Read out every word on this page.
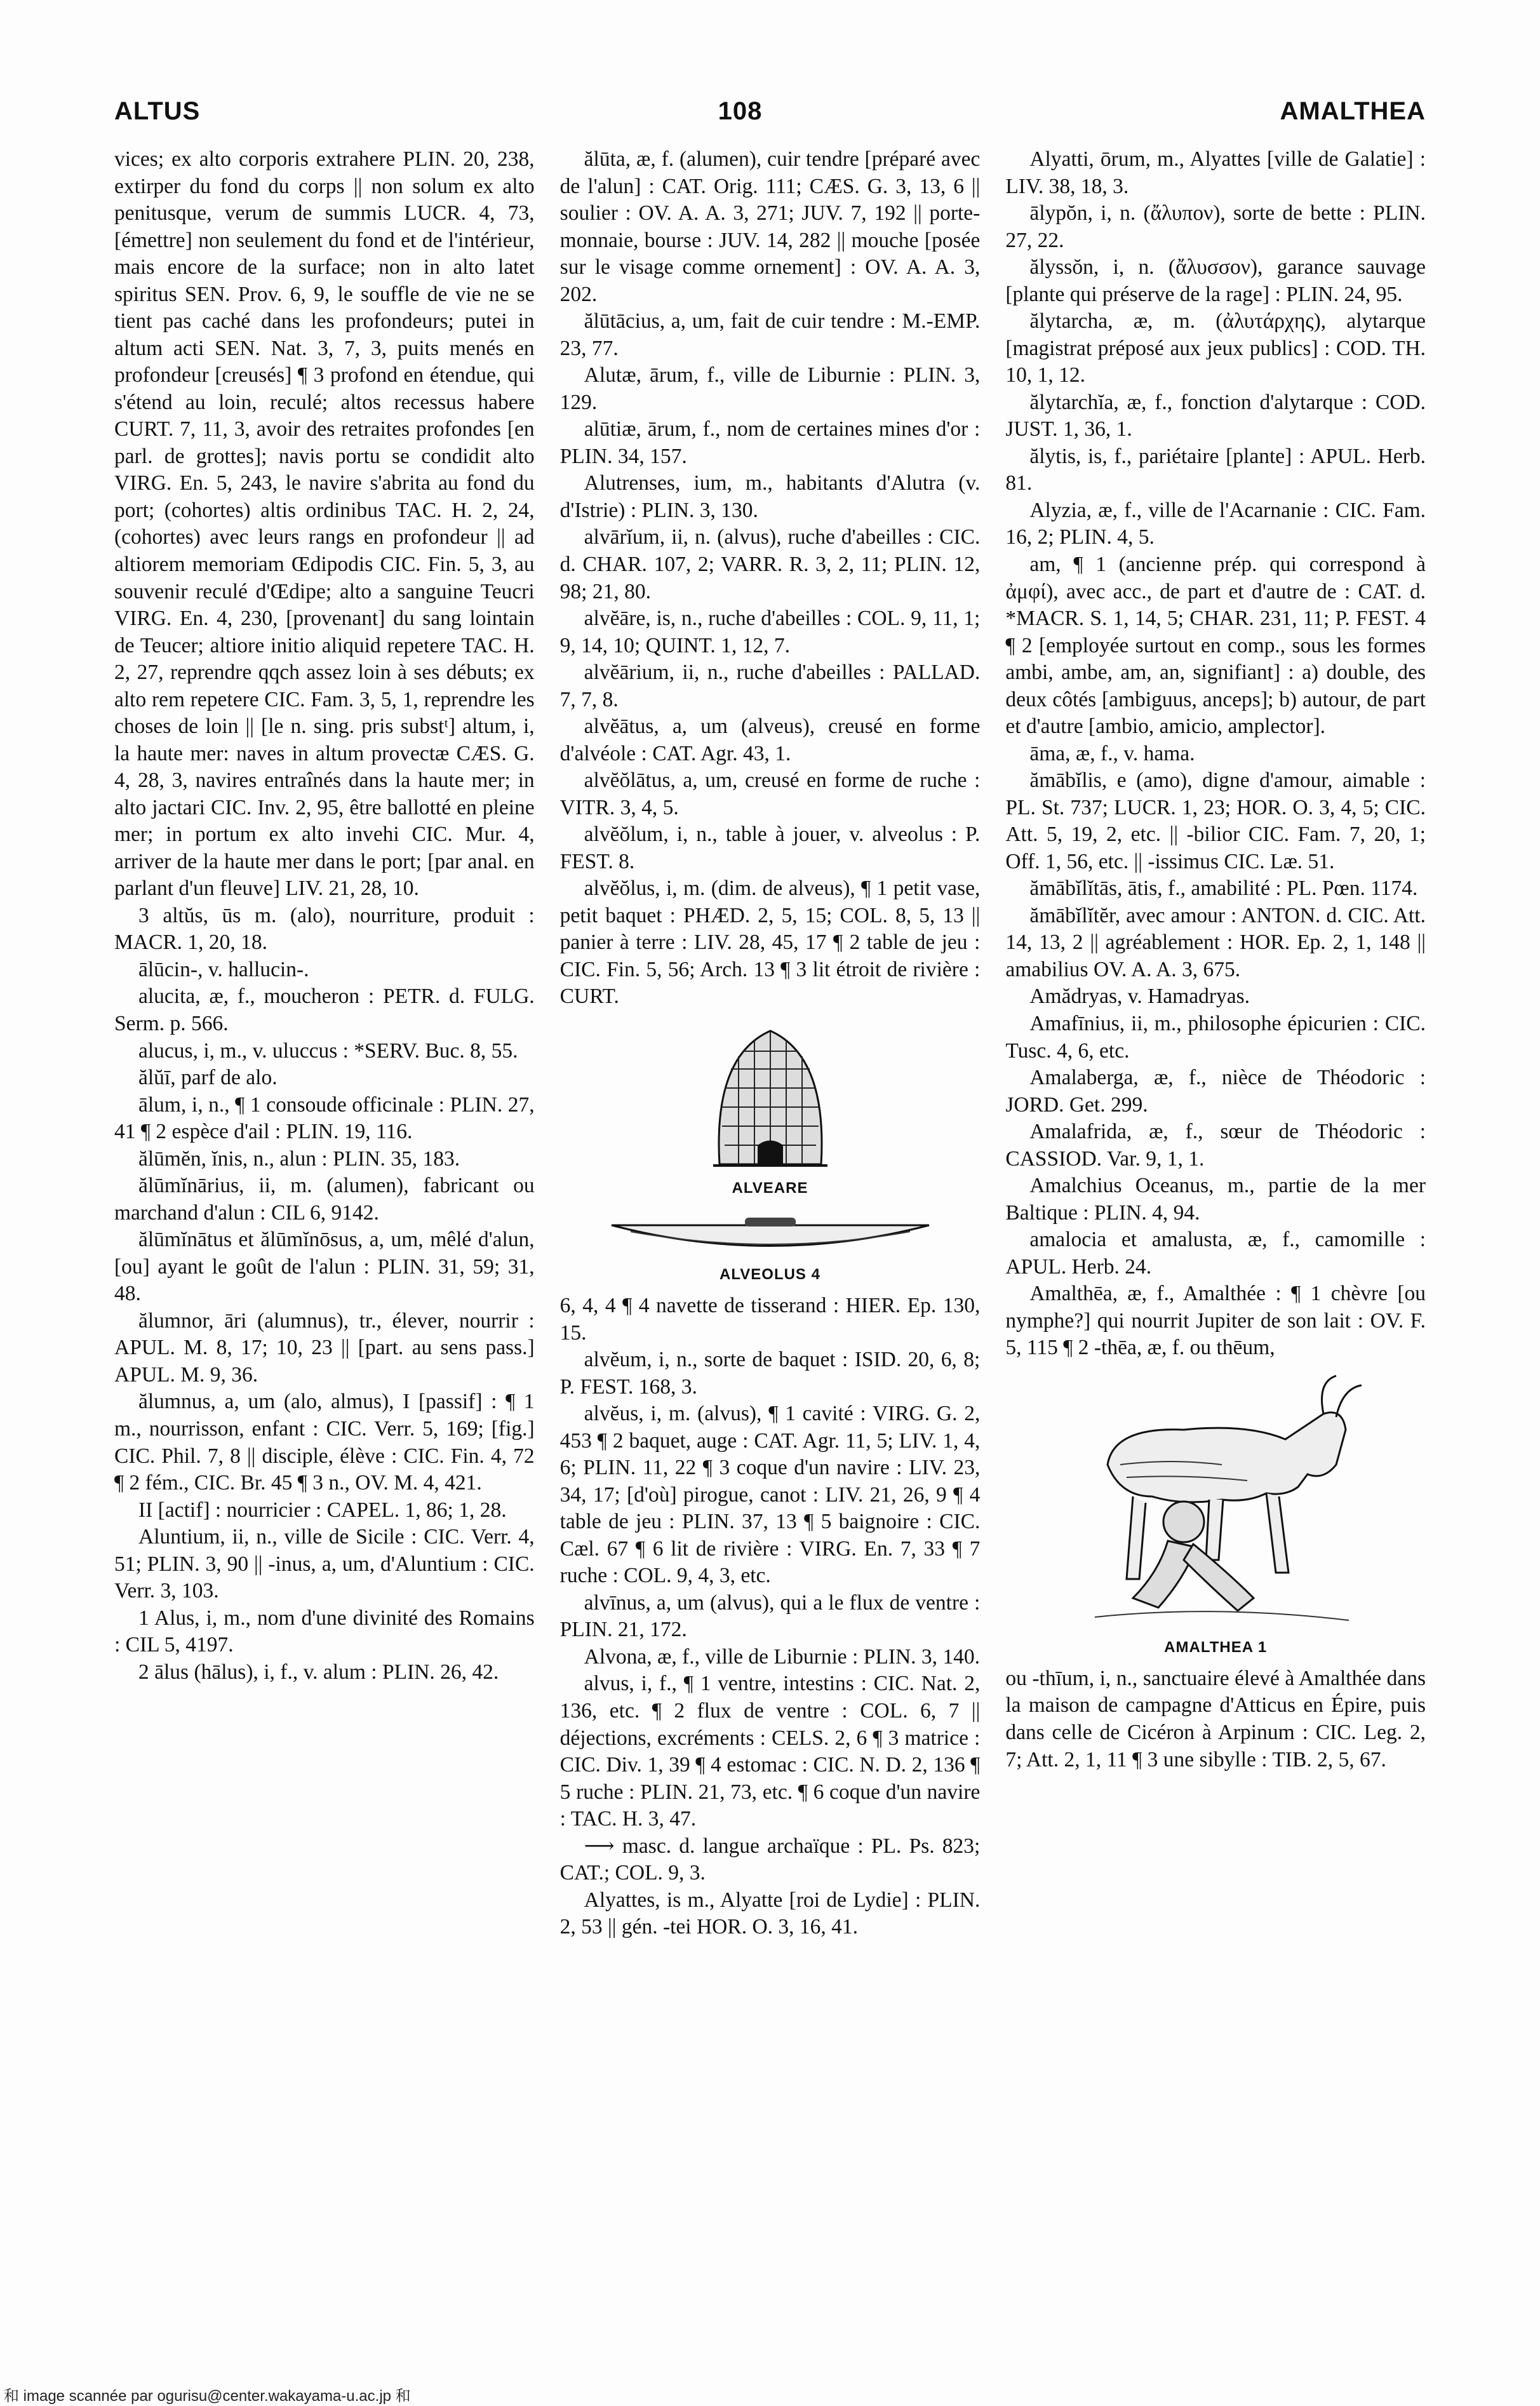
ALTUS	108	AMALTHEA

vices; ex alto corporis extrahere PLIN. 20, 238, extirper du fond du corps || non solum ex alto penitusque, verum de summis LUCR. 4, 73, [émettre] non seulement du fond et de l'intérieur, mais encore de la surface; non in alto latet spiritus SEN. Prov. 6, 9, le souffle de vie ne se tient pas caché dans les profondeurs; putei in altum acti SEN. Nat. 3, 7, 3, puits menés en profondeur [creusés] ¶ 3 profond en étendue, qui s'étend au loin, reculé; altos recessus habere CURT. 7, 11, 3, avoir des retraites profondes [en parl. de grottes]; navis portu se condidit alto VIRG. En. 5, 243, le navire s'abrita au fond du port; (cohortes) altis ordinibus TAC. H. 2, 24, (cohortes) avec leurs rangs en profondeur || ad altiorem memoriam Œdipodis CIC. Fin. 5, 3, au souvenir reculé d'Œdipe; alto a sanguine Teucri VIRG. En. 4, 230, [provenant] du sang lointain de Teucer; altiore initio aliquid repetere TAC. H. 2, 27, reprendre qqch assez loin à ses débuts; ex alto rem repetere CIC. Fam. 3, 5, 1, reprendre les choses de loin || [le n. sing. pris substᵗ] altum, i, la haute mer: naves in altum provectæ CÆS. G. 4, 28, 3, navires entraînés dans la haute mer; in alto jactari CIC. Inv. 2, 95, être ballotté en pleine mer; in portum ex alto invehi CIC. Mur. 4, arriver de la haute mer dans le port; [par anal. en parlant d'un fleuve] LIV. 21, 28, 10.

3 altŭs, ūs m. (alo), nourriture, produit : MACR. 1, 20, 18.

ālūcin-, v. hallucin-.

alucita, æ, f., moucheron : PETR. d. FULG. Serm. p. 566.

alucus, i, m., v. uluccus : *SERV. Buc. 8, 55.

ălŭī, parf de alo.

ālum, i, n., ¶ 1 consoude officinale : PLIN. 27, 41 ¶ 2 espèce d'ail : PLIN. 19, 116.

ălūmĕn, ĭnis, n., alun : PLIN. 35, 183.

ălūmĭnārius, ii, m. (alumen), fabricant ou marchand d'alun : CIL 6, 9142.

ălūmĭnātus et ălūmĭnōsus, a, um, mêlé d'alun, [ou] ayant le goût de l'alun : PLIN. 31, 59; 31, 48.

ălumnor, āri (alumnus), tr., élever, nourrir : APUL. M. 8, 17; 10, 23 || [part. au sens pass.] APUL. M. 9, 36.

ălumnus, a, um (alo, almus), I [passif] : ¶ 1 m., nourrisson, enfant : CIC. Verr. 5, 169; [fig.] CIC. Phil. 7, 8 || disciple, élève : CIC. Fin. 4, 72 ¶ 2 fém., CIC. Br. 45 ¶ 3 n., OV. M. 4, 421.

II [actif] : nourricier : CAPEL. 1, 86; 1, 28.

Aluntium, ii, n., ville de Sicile : CIC. Verr. 4, 51; PLIN. 3, 90 || -inus, a, um, d'Aluntium : CIC. Verr. 3, 103.

1 Alus, i, m., nom d'une divinité des Romains : CIL 5, 4197.

2 ālus (hālus), i, f., v. alum : PLIN. 26, 42.

ălūta, æ, f. (alumen), cuir tendre [préparé avec de l'alun] : CAT. Orig. 111; CÆS. G. 3, 13, 6 || soulier : OV. A. A. 3, 271; JUV. 7, 192 || porte-monnaie, bourse : JUV. 14, 282 || mouche [posée sur le visage comme ornement] : OV. A. A. 3, 202.

ălūtācius, a, um, fait de cuir tendre : M.-EMP. 23, 77.

Alutæ, ārum, f., ville de Liburnie : PLIN. 3, 129.

alūtiæ, ārum, f., nom de certaines mines d'or : PLIN. 34, 157.

Alutrenses, ium, m., habitants d'Alutra (v. d'Istrie) : PLIN. 3, 130.

alvārĭum, ii, n. (alvus), ruche d'abeilles : CIC. d. CHAR. 107, 2; VARR. R. 3, 2, 11; PLIN. 12, 98; 21, 80.

alvĕāre, is, n., ruche d'abeilles : COL. 9, 11, 1; 9, 14, 10; QUINT. 1, 12, 7.

alvĕārium, ii, n., ruche d'abeilles : PALLAD. 7, 7, 8.

alvĕātus, a, um (alveus), creusé en forme d'alvéole : CAT. Agr. 43, 1.

alvĕŏlātus, a, um, creusé en forme de ruche : VITR. 3, 4, 5.

alvĕŏlum, i, n., table à jouer, v. alveolus : P. FEST. 8.

alvĕŏlus, i, m. (dim. de alveus), ¶ 1 petit vase, petit baquet : PHÆD. 2, 5, 15; COL. 8, 5, 13 || panier à terre : LIV. 28, 45, 17 ¶ 2 table de jeu : CIC. Fin. 5, 56; Arch. 13 ¶ 3 lit étroit de rivière : CURT.

ALVEARE
ALVEOLUS 4

6, 4, 4 ¶ 4 navette de tisserand : HIER. Ep. 130, 15.

alvĕum, i, n., sorte de baquet : ISID. 20, 6, 8; P. FEST. 168, 3.

alvĕus, i, m. (alvus), ¶ 1 cavité : VIRG. G. 2, 453 ¶ 2 baquet, auge : CAT. Agr. 11, 5; LIV. 1, 4, 6; PLIN. 11, 22 ¶ 3 coque d'un navire : LIV. 23, 34, 17; [d'où] pirogue, canot : LIV. 21, 26, 9 ¶ 4 table de jeu : PLIN. 37, 13 ¶ 5 baignoire : CIC. Cæl. 67 ¶ 6 lit de rivière : VIRG. En. 7, 33 ¶ 7 ruche : COL. 9, 4, 3, etc.

alvīnus, a, um (alvus), qui a le flux de ventre : PLIN. 21, 172.

Alvona, æ, f., ville de Liburnie : PLIN. 3, 140.

alvus, i, f., ¶ 1 ventre, intestins : CIC. Nat. 2, 136, etc. ¶ 2 flux de ventre : COL. 6, 7 || déjections, excréments : CELS. 2, 6 ¶ 3 matrice : CIC. Div. 1, 39 ¶ 4 estomac : CIC. N. D. 2, 136 ¶ 5 ruche : PLIN. 21, 73, etc. ¶ 6 coque d'un navire : TAC. H. 3, 47.

⟶ masc. d. langue archaïque : PL. Ps. 823; CAT.; COL. 9, 3.

Alyattes, is m., Alyatte [roi de Lydie] : PLIN. 2, 53 || gén. -tei HOR. O. 3, 16, 41.

Alyatti, ōrum, m., Alyattes [ville de Galatie] : LIV. 38, 18, 3.

ālypŏn, i, n. (ἄλυπον), sorte de bette : PLIN. 27, 22.

ălyssŏn, i, n. (ἄλυσσον), garance sauvage [plante qui préserve de la rage] : PLIN. 24, 95.

ălytarcha, æ, m. (ἀλυτάρχης), alytarque [magistrat préposé aux jeux publics] : COD. TH. 10, 1, 12.

ălytarchĭa, æ, f., fonction d'alytarque : COD. JUST. 1, 36, 1.

ălytis, is, f., pariétaire [plante] : APUL. Herb. 81.

Alyzia, æ, f., ville de l'Acarnanie : CIC. Fam. 16, 2; PLIN. 4, 5.

am, ¶ 1 (ancienne prép. qui correspond à ἀμφί), avec acc., de part et d'autre de : CAT. d. *MACR. S. 1, 14, 5; CHAR. 231, 11; P. FEST. 4 ¶ 2 [employée surtout en comp., sous les formes ambi, ambe, am, an, signifiant] : a) double, des deux côtés [ambiguus, anceps]; b) autour, de part et d'autre [ambio, amicio, amplector].

āma, æ, f., v. hama.

ămābĭlis, e (amo), digne d'amour, aimable : PL. St. 737; LUCR. 1, 23; HOR. O. 3, 4, 5; CIC. Att. 5, 19, 2, etc. || -bilior CIC. Fam. 7, 20, 1; Off. 1, 56, etc. || -issimus CIC. Læ. 51.

ămābĭlĭtās, ātis, f., amabilité : PL. Pœn. 1174.

ămābĭlĭtĕr, avec amour : ANTON. d. CIC. Att. 14, 13, 2 || agréablement : HOR. Ep. 2, 1, 148 || amabilius OV. A. A. 3, 675.

Amădryas, v. Hamadryas.

Amafīnius, ii, m., philosophe épicurien : CIC. Tusc. 4, 6, etc.

Amalaberga, æ, f., nièce de Théodoric : JORD. Get. 299.

Amalafrida, æ, f., sœur de Théodoric : CASSIOD. Var. 9, 1, 1.

Amalchius Oceanus, m., partie de la mer Baltique : PLIN. 4, 94.

amalocia et amalusta, æ, f., camomille : APUL. Herb. 24.

Amalthēa, æ, f., Amalthée : ¶ 1 chèvre [ou nymphe?] qui nourrit Jupiter de son lait : OV. F. 5, 115 ¶ 2 -thēa, æ, f. ou thēum,

AMALTHEA 1

ou -thīum, i, n., sanctuaire élevé à Amalthée dans la maison de campagne d'Atticus en Épire, puis dans celle de Cicéron à Arpinum : CIC. Leg. 2, 7; Att. 2, 1, 11 ¶ 3 une sibylle : TIB. 2, 5, 67.

和 image scannée par ogurisu@center.wakayama-u.ac.jp 和
